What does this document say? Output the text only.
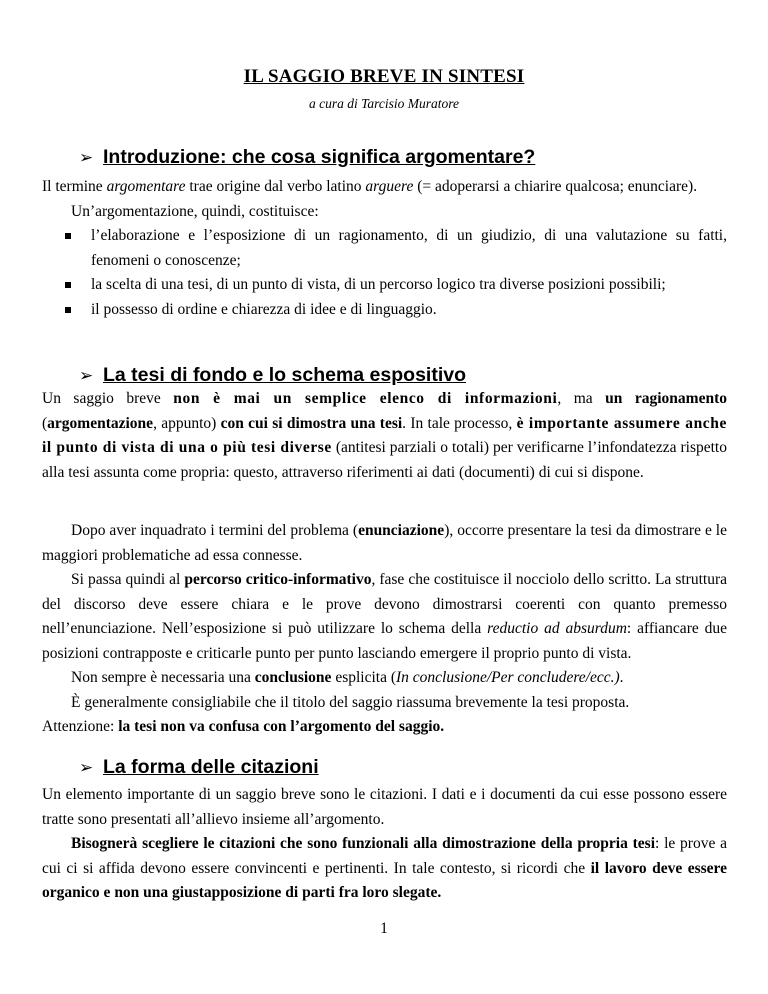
IL SAGGIO BREVE IN SINTESI
a cura di Tarcisio Muratore
➢ Introduzione: che cosa significa argomentare?

Il termine argomentare trae origine dal verbo latino arguere (= adoperarsi a chiarire qualcosa; enunciare).

Un’argomentazione, quindi, costituisce:

l’elaborazione e l’esposizione di un ragionamento, di un giudizio, di una valutazione su fatti, fenomeni o conoscenze;
la scelta di una tesi, di un punto di vista, di un percorso logico tra diverse posizioni possibili;
il possesso di ordine e chiarezza di idee e di linguaggio.
➢ La tesi di fondo e lo schema espositivo

Un saggio breve non è mai un semplice elenco di informazioni, ma un ragionamento (argomentazione, appunto) con cui si dimostra una tesi. In tale processo, è importante assumere anche il punto di vista di una o più tesi diverse (antitesi parziali o totali) per verificarne l’infondatezza rispetto alla tesi assunta come propria: questo, attraverso riferimenti ai dati (documenti) di cui si dispone.

Dopo aver inquadrato i termini del problema (enunciazione), occorre presentare la tesi da dimostrare e le maggiori problematiche ad essa connesse.

Si passa quindi al percorso critico-informativo, fase che costituisce il nocciolo dello scritto. La struttura del discorso deve essere chiara e le prove devono dimostrarsi coerenti con quanto premesso nell’enunciazione. Nell’esposizione si può utilizzare lo schema della reductio ad absurdum: affiancare due posizioni contrapposte e criticarle punto per punto lasciando emergere il proprio punto di vista.

Non sempre è necessaria una conclusione esplicita (In conclusione/Per concludere/ecc.).

È generalmente consigliabile che il titolo del saggio riassuma brevemente la tesi proposta.

Attenzione: la tesi non va confusa con l’argomento del saggio.

➢ La forma delle citazioni

Un elemento importante di un saggio breve sono le citazioni. I dati e i documenti da cui esse possono essere tratte sono presentati all’allievo insieme all’argomento.

Bisognerà scegliere le citazioni che sono funzionali alla dimostrazione della propria tesi: le prove a cui ci si affida devono essere convincenti e pertinenti. In tale contesto, si ricordi che il lavoro deve essere organico e non una giustapposizione di parti fra loro slegate.

1
